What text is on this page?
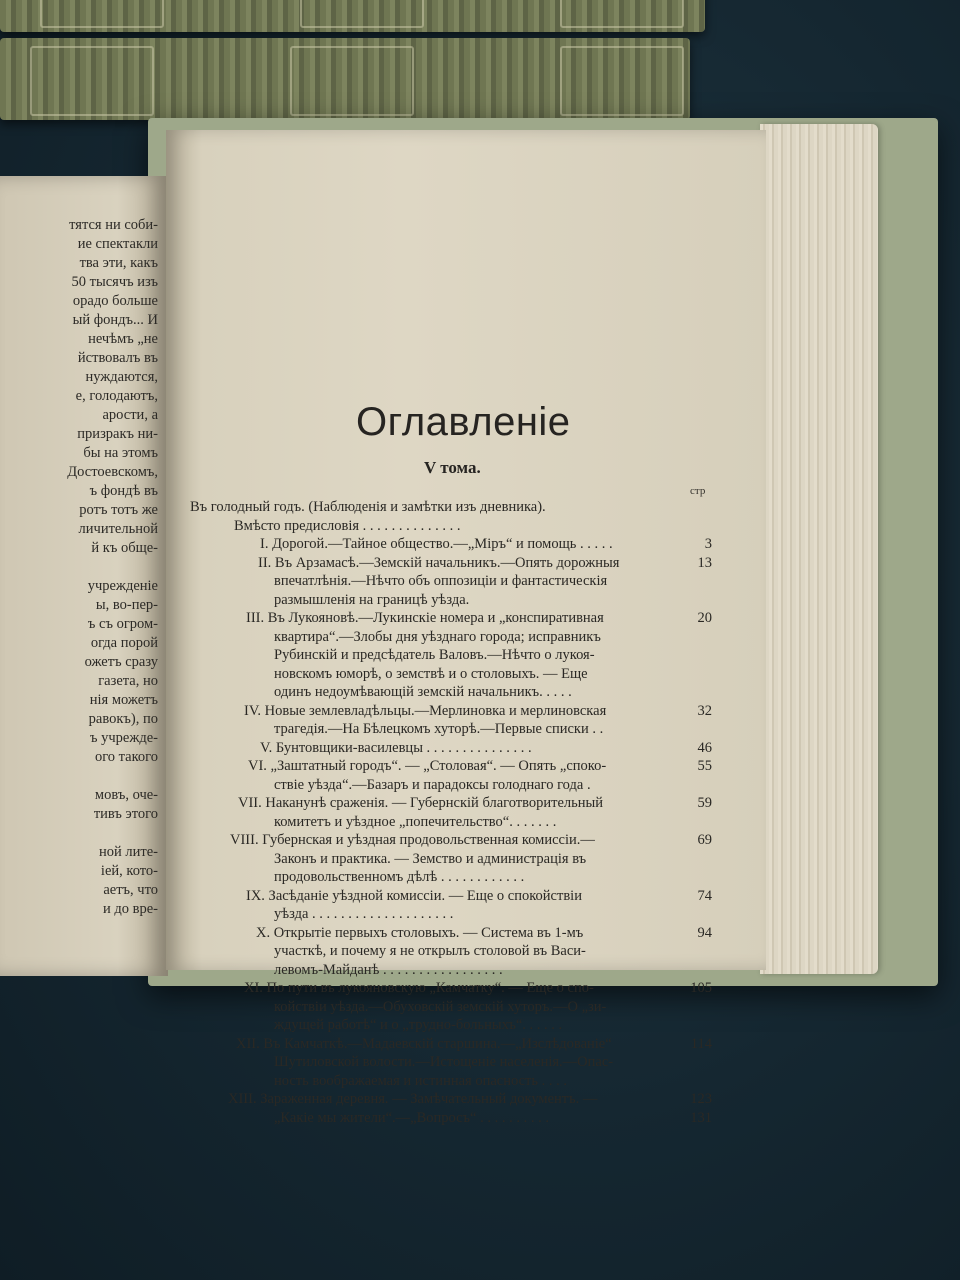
тятся ни соби-
ие спектакли
тва эти, какъ
50 тысячъ изъ
орадо больше
ый фондъ... И
нечѣмъ „не
йствовалъ въ
нуждаются,
е, голодаютъ,
арости, а
призракъ ни-
бы на этомъ
Достоевскомъ,
ъ фондѣ въ
ротъ тотъ же
личительной
й къ обще-
учрежденіе
ы, во-пер-
ъ съ огром-
огда порой
ожетъ сразу
газета, но
нія можетъ
равокъ), по
ъ учрежде-
ого такого
мовъ, оче-
тивъ этого
ной лите-
іей, кото-
аетъ, что
и до вре-
Оглавленіе
V тома.
стр
Въ голодный годъ. (Наблюденія и замѣтки изъ дневника).
Вмѣсто предисловія . . . . . . . . . . . . . .
I. Дорогой.—Тайное общество.—„Міръ“ и помощь . . . . .	3
II. Въ Арзамасѣ.—Земскій начальникъ.—Опять дорожныя	13
впечатлѣнія.—Нѣчто объ оппозиціи и фантастическія
размышленія на границѣ уѣзда.
III. Въ Лукояновѣ.—Лукинскіе номера и „конспиративная	20
квартира“.—Злобы дня уѣзднаго города; исправникъ
Рубинскій и предсѣдатель Валовъ.—Нѣчто о лукоя-
новскомъ юморѣ, о земствѣ и о столовыхъ. — Еще
одинъ недоумѣвающій земскій начальникъ. . . . .
IV. Новые землевладѣльцы.—Мерлиновка и мерлиновская	32
трагедія.—На Бѣлецкомъ хуторѣ.—Первые списки . .
V. Бунтовщики-василевцы . . . . . . . . . . . . . . .	46
VI. „Заштатный городъ“. — „Столовая“. — Опять „споко-	55
ствіе уѣзда“.—Базаръ и парадоксы голоднаго года .
VII. Наканунѣ сраженія. — Губернскій благотворительный	59
комитетъ и уѣздное „попечительство“. . . . . . .
VIII. Губернская и уѣздная продовольственная комиссіи.—	69
Законъ и практика. — Земство и администрація въ
продовольственномъ дѣлѣ . . . . . . . . . . . .
IX. Засѣданіе уѣздной комиссіи. — Еще о спокойствіи	74
уѣзда . . . . . . . . . . . . . . . . . . . .
X. Открытіе первыхъ столовыхъ. — Система въ 1-мъ	94
участкѣ, и почему я не открылъ столовой въ Васи-
левомъ-Майданѣ . . . . . . . . . . . . . . . . .
XI. По пути въ лукояновскую „Камчатку“. — Еще о спо-	105
койствіи уѣзда.—Обуховскій земскій хуторъ.—О „зи-
ждущей работѣ“ и о „трудно-больныхъ“. . . . . .
XII. Въ Камчаткѣ.—Мадаевскій старшина.—„Изслѣдованіе“	114
Шутиловской волости.—Истощеніе населенія.—Опас-
ность воображаемая и истинная опасность . . . .
XIII. Зараженная деревня. — Замѣчательный документъ. —	123
„Какіе мы жители“.—„Вопросъ“ . . . . . . . . . .	131
